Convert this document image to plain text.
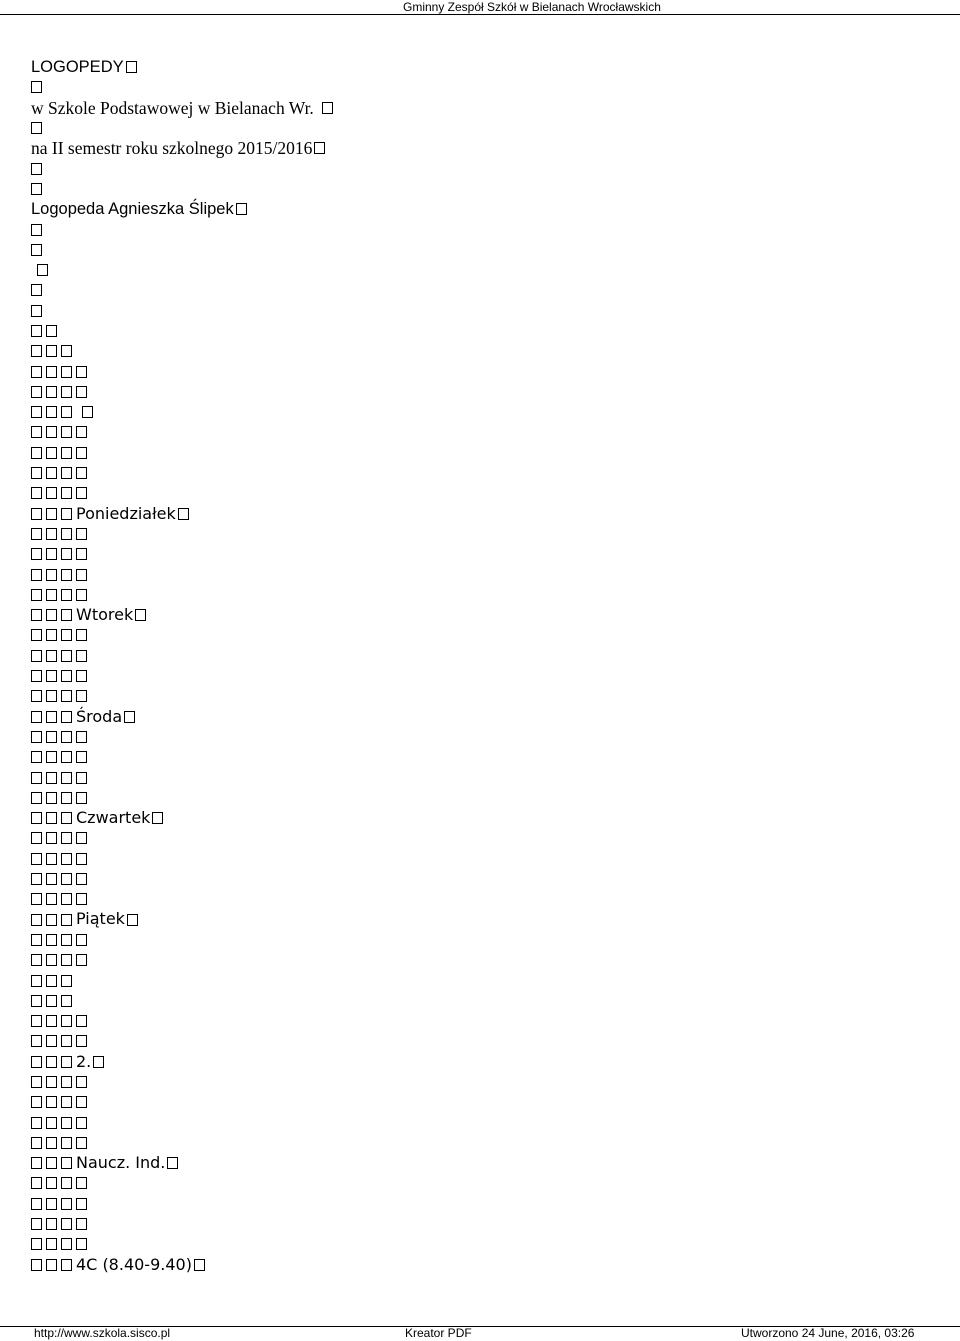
Gminny Zespół Szkół w Bielanach Wrocławskich
LOGOPEDY
w Szkole Podstawowej w Bielanach Wr.
na II semestr roku szkolnego 2015/2016
Logopeda Agnieszka Ślipek
Poniedziałek
Wtorek
Środa
Czwartek
Piątek
2.
Naucz. Ind.
4C (8.40-9.40)
http://www.szkola.sisco.pl	Kreator PDF	Utworzono 24 June, 2016, 03:26
